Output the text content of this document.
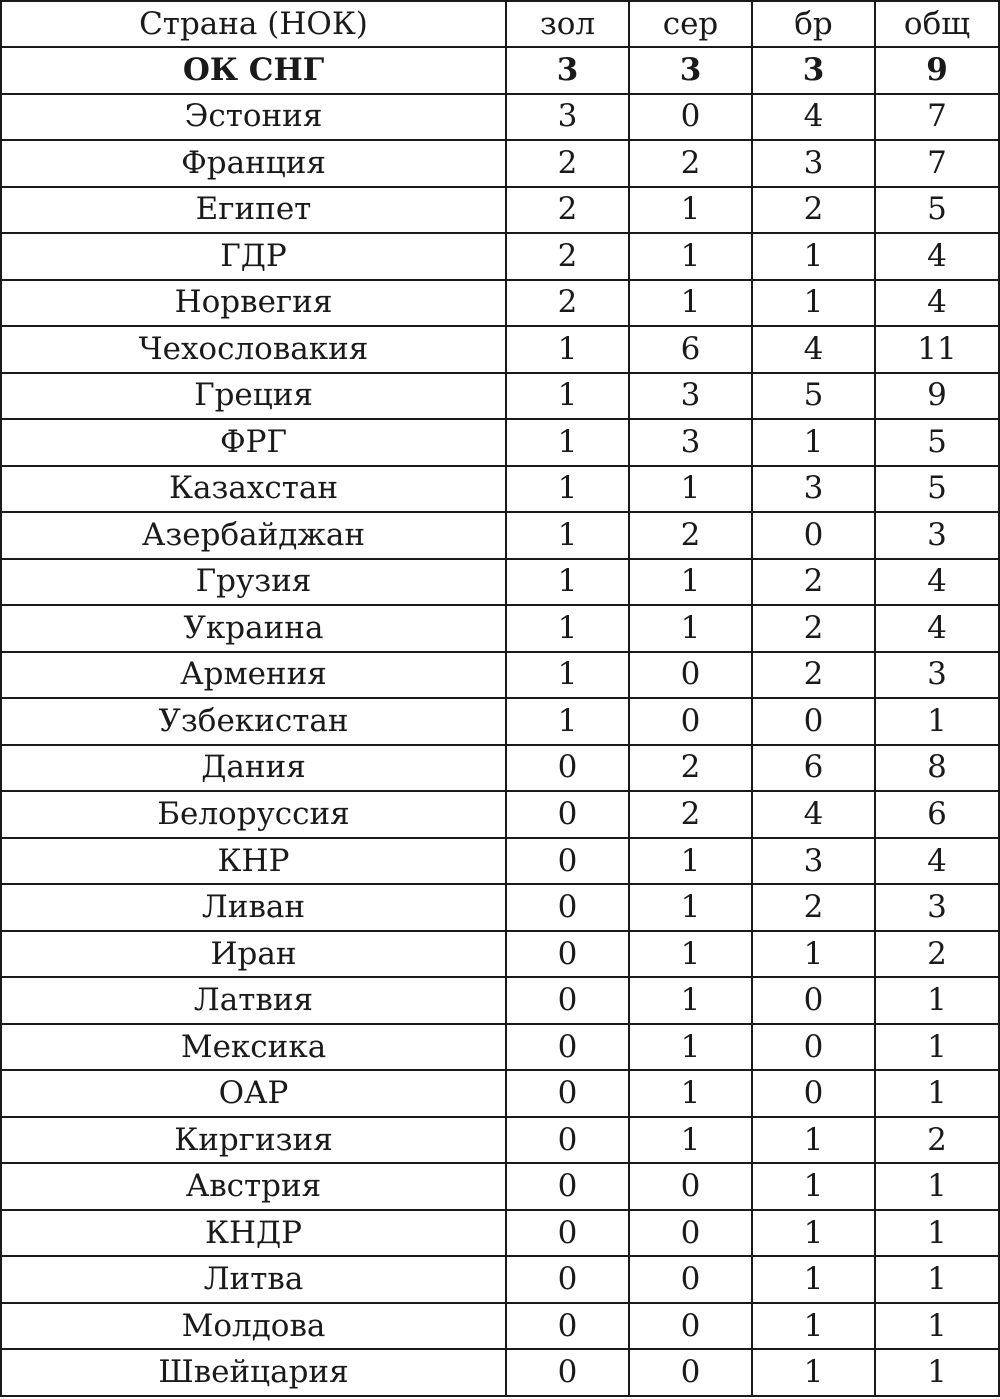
Страна (НОК)	зол	сер	бр	общ
ОК СНГ	3	3	3	9
Эстония	3	0	4	7
Франция	2	2	3	7
Египет	2	1	2	5
ГДР	2	1	1	4
Норвегия	2	1	1	4
Чехословакия	1	6	4	11
Греция	1	3	5	9
ФРГ	1	3	1	5
Казахстан	1	1	3	5
Азербайджан	1	2	0	3
Грузия	1	1	2	4
Украина	1	1	2	4
Армения	1	0	2	3
Узбекистан	1	0	0	1
Дания	0	2	6	8
Белоруссия	0	2	4	6
КНР	0	1	3	4
Ливан	0	1	2	3
Иран	0	1	1	2
Латвия	0	1	0	1
Мексика	0	1	0	1
ОАР	0	1	0	1
Киргизия	0	1	1	2
Австрия	0	0	1	1
КНДР	0	0	1	1
Литва	0	0	1	1
Молдова	0	0	1	1
Швейцария	0	0	1	1
